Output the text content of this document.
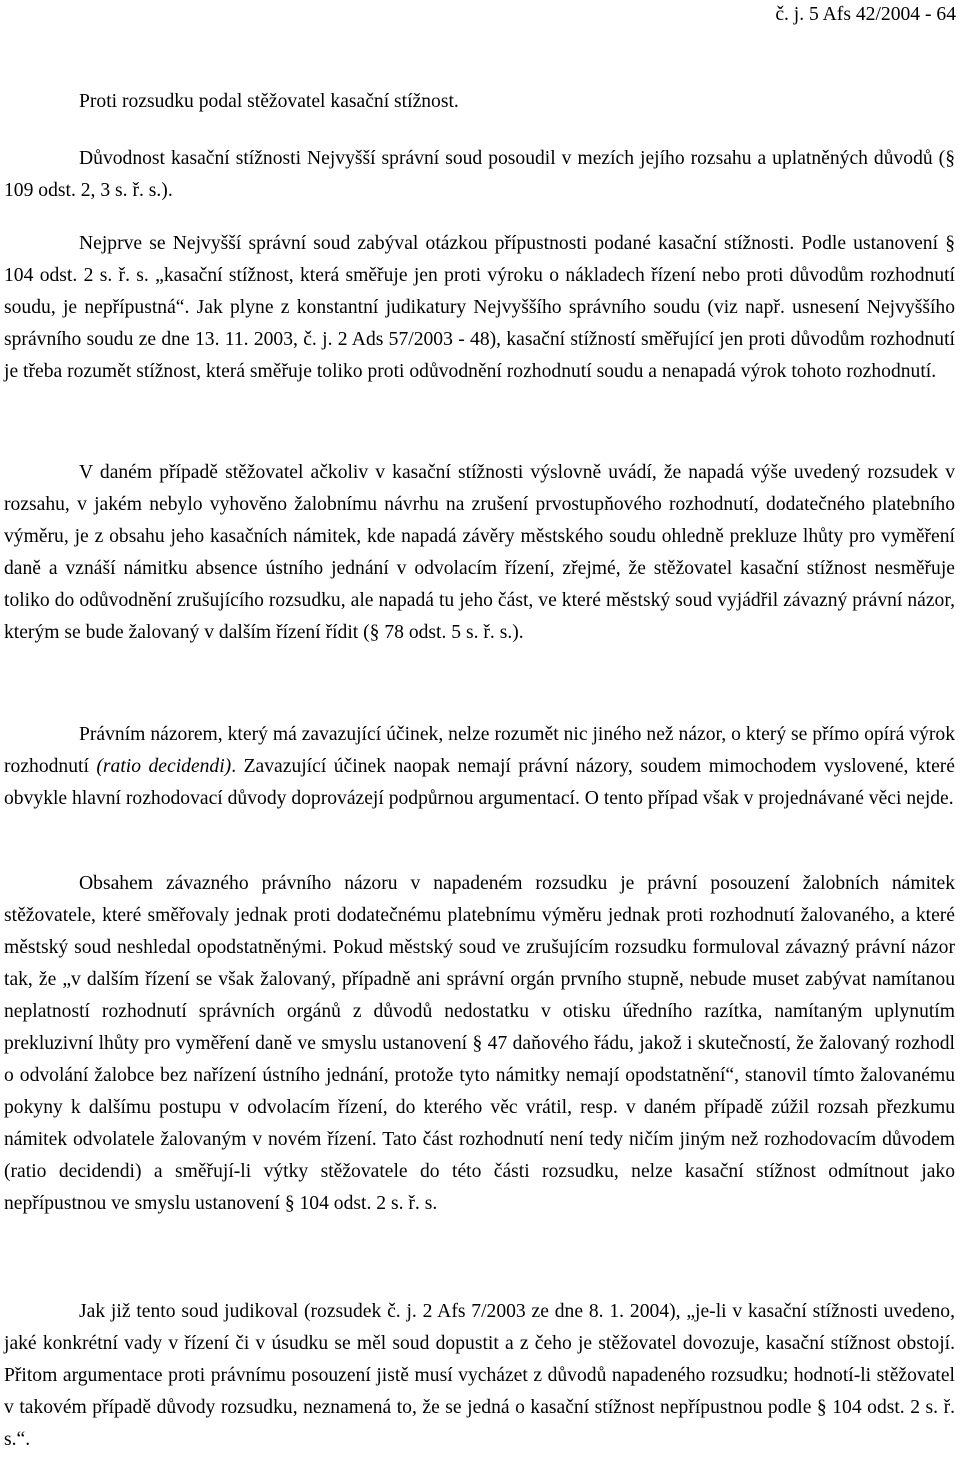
č. j. 5 Afs 42/2004 - 64

Proti rozsudku podal stěžovatel kasační stížnost.

Důvodnost kasační stížnosti Nejvyšší správní soud posoudil v mezích jejího rozsahu a uplatněných důvodů (§ 109 odst. 2, 3 s. ř. s.).

Nejprve se Nejvyšší správní soud zabýval otázkou přípustnosti podané kasační stížnosti. Podle ustanovení § 104 odst. 2 s. ř. s. „kasační stížnost, která směřuje jen proti výroku o nákladech řízení nebo proti důvodům rozhodnutí soudu, je nepřípustná“. Jak plyne z konstantní judikatury Nejvyššího správního soudu (viz např. usnesení Nejvyššího správního soudu ze dne 13. 11. 2003, č. j. 2 Ads 57/2003 - 48), kasační stížností směřující jen proti důvodům rozhodnutí je třeba rozumět stížnost, která směřuje toliko proti odůvodnění rozhodnutí soudu a nenapadá výrok tohoto rozhodnutí.

V daném případě stěžovatel ačkoliv v kasační stížnosti výslovně uvádí, že napadá výše uvedený rozsudek v rozsahu, v jakém nebylo vyhověno žalobnímu návrhu na zrušení prvostupňového rozhodnutí, dodatečného platebního výměru, je z obsahu jeho kasačních námitek, kde napadá závěry městského soudu ohledně prekluze lhůty pro vyměření daně a vznáší námitku absence ústního jednání v odvolacím řízení, zřejmé, že stěžovatel kasační stížnost nesměřuje toliko do odůvodnění zrušujícího rozsudku, ale napadá tu jeho část, ve které městský soud vyjádřil závazný právní názor, kterým se bude žalovaný v dalším řízení řídit (§ 78 odst. 5 s. ř. s.).

Právním názorem, který má zavazující účinek, nelze rozumět nic jiného než názor, o který se přímo opírá výrok rozhodnutí (ratio decidendi). Zavazující účinek naopak nemají právní názory, soudem mimochodem vyslovené, které obvykle hlavní rozhodovací důvody doprovázejí podpůrnou argumentací. O tento případ však v projednávané věci nejde.

Obsahem závazného právního názoru v napadeném rozsudku je právní posouzení žalobních námitek stěžovatele, které směřovaly jednak proti dodatečnému platebnímu výměru jednak proti rozhodnutí žalovaného, a které městský soud neshledal opodstatněnými. Pokud městský soud ve zrušujícím rozsudku formuloval závazný právní názor tak, že „v dalším řízení se však žalovaný, případně ani správní orgán prvního stupně, nebude muset zabývat namítanou neplatností rozhodnutí správních orgánů z důvodů nedostatku v otisku úředního razítka, namítaným uplynutím prekluzivní lhůty pro vyměření daně ve smyslu ustanovení § 47 daňového řádu, jakož i skutečností, že žalovaný rozhodl o odvolání žalobce bez nařízení ústního jednání, protože tyto námitky nemají opodstatnění“, stanovil tímto žalovanému pokyny k dalšímu postupu v odvolacím řízení, do kterého věc vrátil, resp. v daném případě zúžil rozsah přezkumu námitek odvolatele žalovaným v novém řízení. Tato část rozhodnutí není tedy ničím jiným než rozhodovacím důvodem (ratio decidendi) a směřují-li výtky stěžovatele do této části rozsudku, nelze kasační stížnost odmítnout jako nepřípustnou ve smyslu ustanovení § 104 odst. 2 s. ř. s.

Jak již tento soud judikoval (rozsudek č. j. 2 Afs 7/2003 ze dne 8. 1. 2004), „je-li v kasační stížnosti uvedeno, jaké konkrétní vady v řízení či v úsudku se měl soud dopustit a z čeho je stěžovatel dovozuje, kasační stížnost obstojí. Přitom argumentace proti právnímu posouzení jistě musí vycházet z důvodů napadeného rozsudku; hodnotí-li stěžovatel v takovém případě důvody rozsudku, neznamená to, že se jedná o kasační stížnost nepřípustnou podle § 104 odst. 2 s. ř. s.“.
